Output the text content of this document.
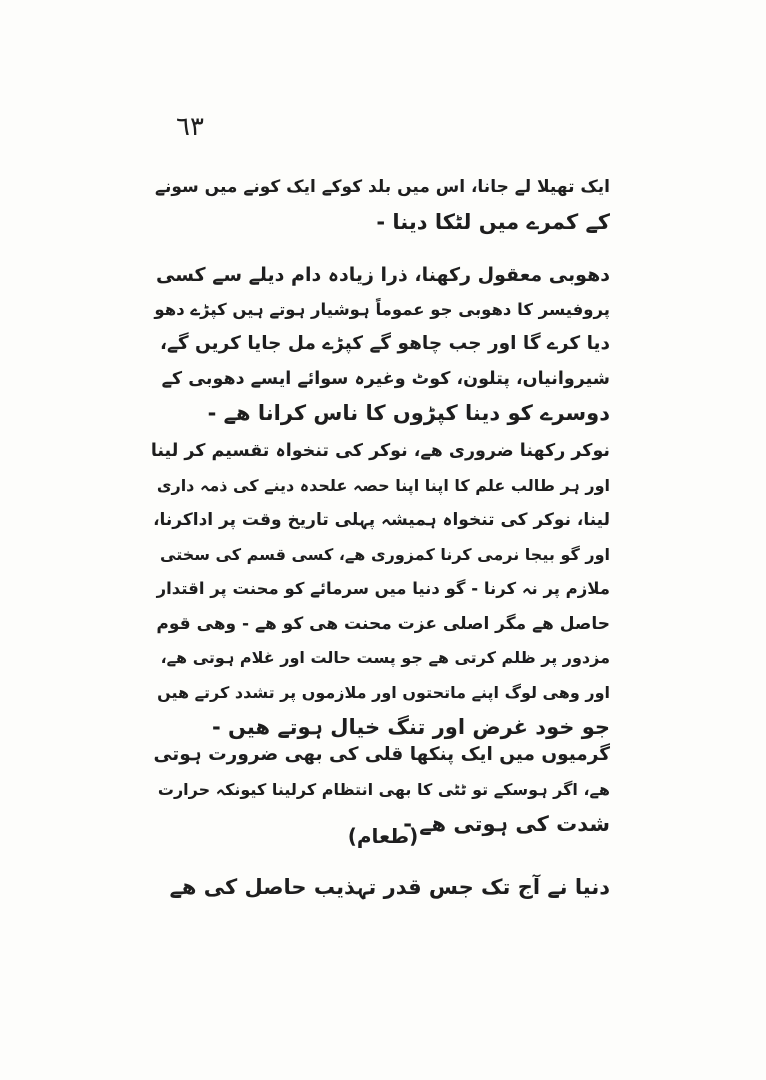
٦٣
ایک تھیلا لے جانا، اس میں بلد کوکے ایک کونے میں سونے
کے کمرے میں لٹکا دینا -
دھوبی معقول رکھنا، ذرا زیادہ دام دیلے سے کسی
پروفیسر کا دھوبی جو عموماً ہوشیار ہوتے ہیں کپڑے دھو
دیا کرے گا اور جب چاھو گے کپڑے مل جایا کریں گے،
شیروانیاں، پتلون، کوٹ وغیرہ سوائے ایسے دھوبی کے
دوسرے کو دینا کپڑوں کا ناس کرانا ھے -
نوکر رکھنا ضروری ھے، نوکر کی تنخواہ تقسیم کر لینا
اور ہر طالب علم کا اپنا اپنا حصہ علحدہ دینے کی ذمہ داری
لینا، نوکر کی تنخواہ ہمیشہ پہلی تاریخ وقت پر اداکرنا،
اور گو بیجا نرمی کرنا کمزوری ھے، کسی قسم کی سختی
ملازم پر نہ کرنا - گو دنیا میں سرمائے کو محنت پر اقتدار
حاصل ھے مگر اصلی عزت محنت ھی کو ھے - وھی قوم
مزدور پر ظلم کرتی ھے جو پست حالت اور غلام ہوتی ھے،
اور وھی لوگ اپنے ماتحتوں اور ملازموں پر تشدد کرتے ھیں
جو خود غرض اور تنگ خیال ہوتے ھیں -
گرمیوں میں ایک پنکھا قلی کی بھی ضرورت ہوتی
ھے، اگر ہوسکے تو ٹٹی کا بھی انتظام کرلینا کیونکہ حرارت
شدت کی ہوتی ھے -
(طعام)
دنیا نے آج تک جس قدر تہذیب حاصل کی ھے
